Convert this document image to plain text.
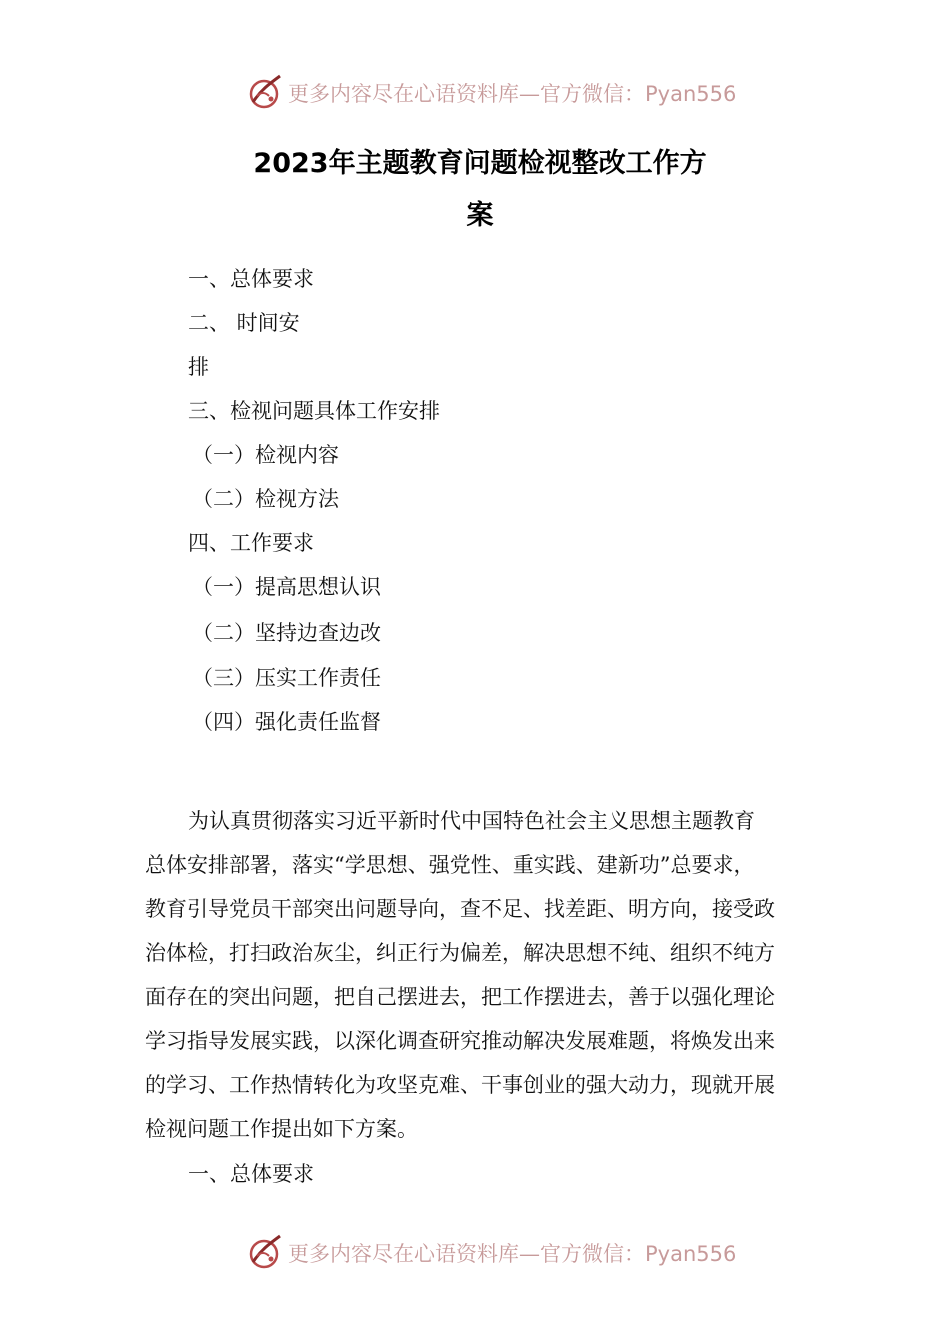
更多内容尽在心语资料库—官方微信：Pyan556
2023年主题教育问题检视整改工作方
案
一、总体要求
二、 时间安
排
三、检视问题具体工作安排
（一）检视内容
（二）检视方法
四、工作要求
（一）提高思想认识
（二）坚持边查边改
（三）压实工作责任
（四）强化责任监督
为认真贯彻落实习近平新时代中国特色社会主义思想主题教育
总体安排部署，落实“学思想、强党性、重实践、建新功”总要求，
教育引导党员干部突出问题导向，查不足、找差距、明方向，接受政
治体检，打扫政治灰尘，纠正行为偏差，解决思想不纯、组织不纯方
面存在的突出问题，把自己摆进去，把工作摆进去，善于以强化理论
学习指导发展实践，以深化调查研究推动解决发展难题，将焕发出来
的学习、工作热情转化为攻坚克难、干事创业的强大动力，现就开展
检视问题工作提出如下方案。
一、总体要求
更多内容尽在心语资料库—官方微信：Pyan556
